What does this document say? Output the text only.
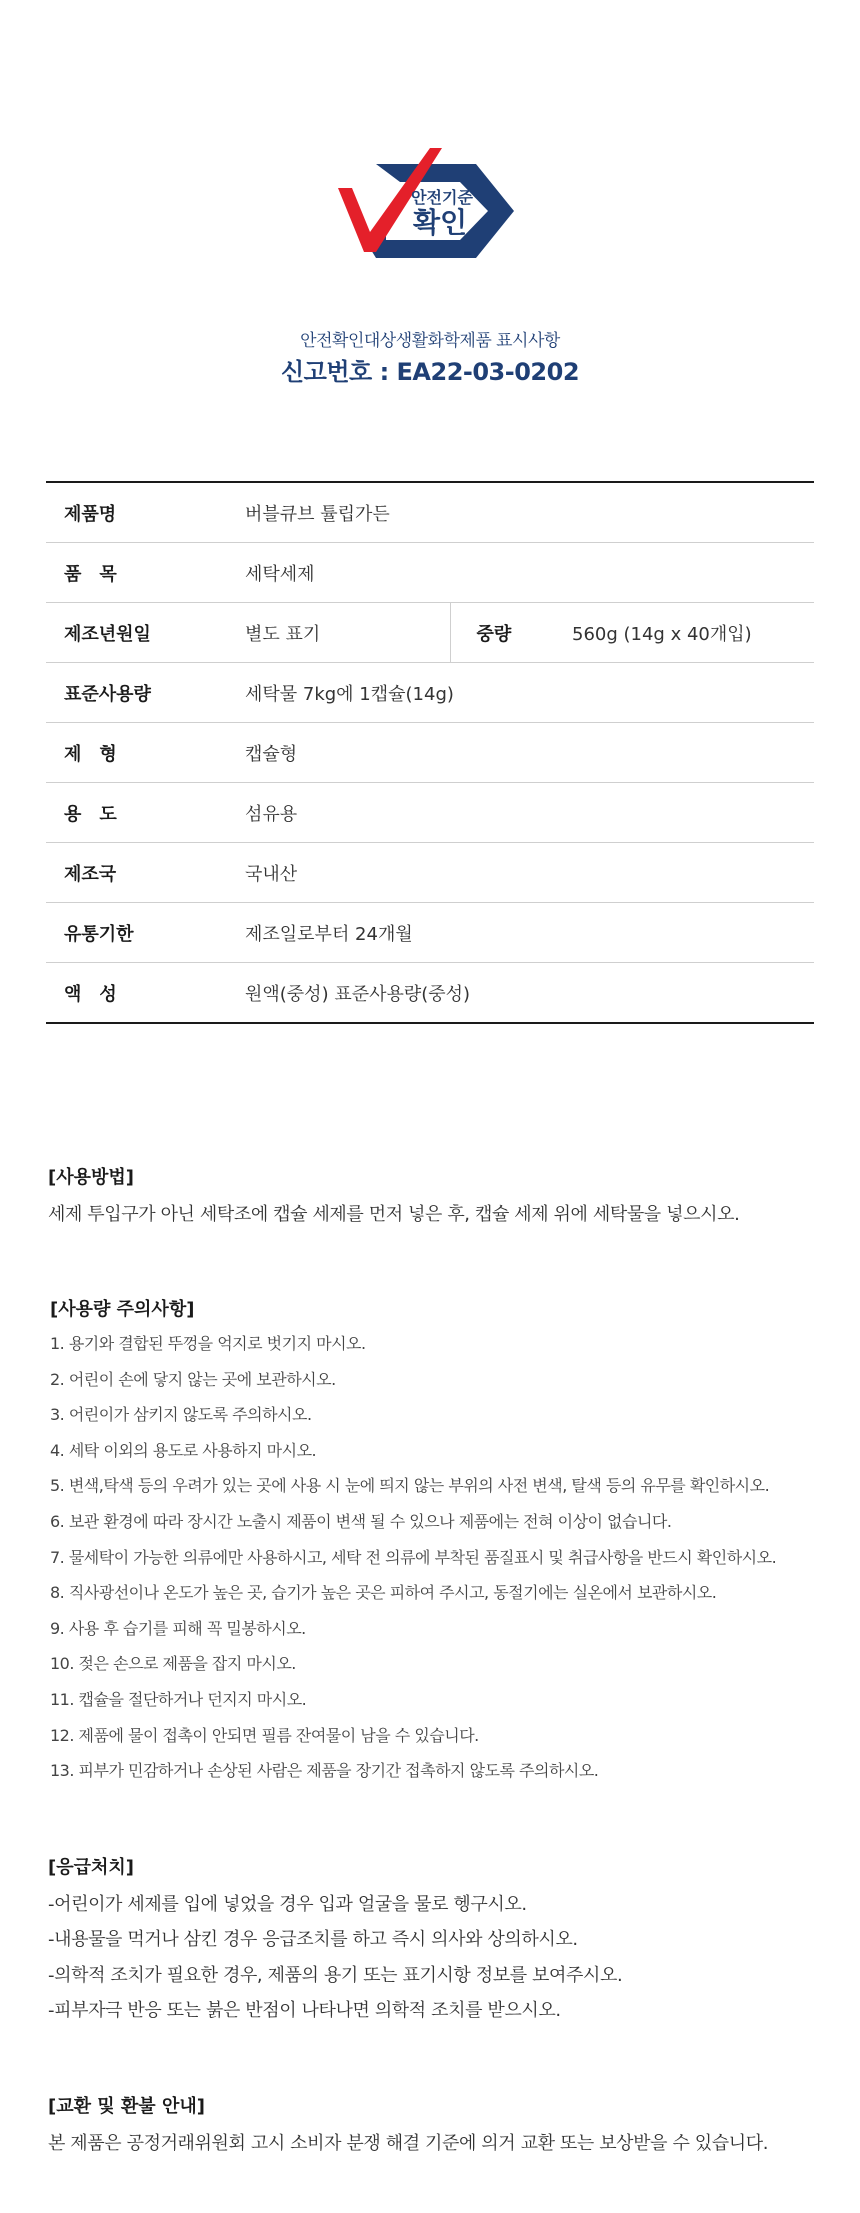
안전기준
확인
안전확인대상생활화학제품 표시사항
신고번호 : EA22-03-0202
제품명	버블큐브 튤립가든		
품　목	세탁세제		
제조년원일	별도 표기	중량	560g (14g x 40개입)
표준사용량	세탁물 7kg에 1캡슐(14g)		
제　형	캡슐형		
용　도	섬유용		
제조국	국내산		
유통기한	제조일로부터 24개월		
액　성	원액(중성) 표준사용량(중성)		
[사용방법]
세제 투입구가 아닌 세탁조에 캡슐 세제를 먼저 넣은 후, 캡슐 세제 위에 세탁물을 넣으시오.
[사용량 주의사항]
1. 용기와 결합된 뚜껑을 억지로 벗기지 마시오.
2. 어린이 손에 닿지 않는 곳에 보관하시오.
3. 어린이가 삼키지 않도록 주의하시오.
4. 세탁 이외의 용도로 사용하지 마시오.
5. 변색,탁색 등의 우려가 있는 곳에 사용 시 눈에 띄지 않는 부위의 사전 변색, 탈색 등의 유무를 확인하시오.
6. 보관 환경에 따라 장시간 노출시 제품이 변색 될 수 있으나 제품에는 전혀 이상이 없습니다.
7. 물세탁이 가능한 의류에만 사용하시고, 세탁 전 의류에 부착된 품질표시 및 취급사항을 반드시 확인하시오.
8. 직사광선이나 온도가 높은 곳, 습기가 높은 곳은 피하여 주시고, 동절기에는 실온에서 보관하시오.
9. 사용 후 습기를 피해 꼭 밀봉하시오.
10. 젖은 손으로 제품을 잡지 마시오.
11. 캡슐을 절단하거나 던지지 마시오.
12. 제품에 물이 접촉이 안되면 필름 잔여물이 남을 수 있습니다.
13. 피부가 민감하거나 손상된 사람은 제품을 장기간 접촉하지 않도록 주의하시오.
[응급처치]
-어린이가 세제를 입에 넣었을 경우 입과 얼굴을 물로 헹구시오.
-내용물을 먹거나 삼킨 경우 응급조치를 하고 즉시 의사와 상의하시오.
-의학적 조치가 필요한 경우, 제품의 용기 또는 표기시항 정보를 보여주시오.
-피부자극 반응 또는 붉은 반점이 나타나면 의학적 조치를 받으시오.
[교환 및 환불 안내]
본 제품은 공정거래위원회 고시 소비자 분쟁 해결 기준에 의거 교환 또는 보상받을 수 있습니다.
